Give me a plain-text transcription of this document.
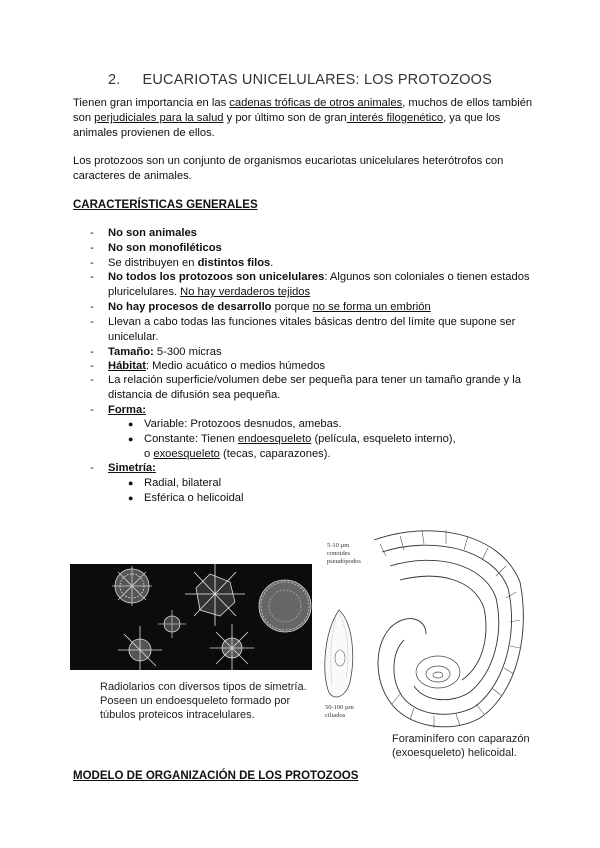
2. EUCARIOTAS UNICELULARES: LOS PROTOZOOS
Tienen gran importancia en las cadenas tróficas de otros animales, muchos de ellos también son perjudiciales para la salud y por último son de gran interés filogenético, ya que los animales provienen de ellos.
Los protozoos son un conjunto de organismos eucariotas unicelulares heterótrofos con caracteres de animales.
CARACTERÍSTICAS GENERALES
- No son animales
- No son monofiléticos
- Se distribuyen en distintos filos.
- No todos los protozoos son unicelulares: Algunos son coloniales o tienen estados pluricelulares. No hay verdaderos tejidos
- No hay procesos de desarrollo porque no se forma un embrión
- Llevan a cabo todas las funciones vitales básicas dentro del límite que supone ser unicelular.
- Tamaño: 5-300 micras
- Hábitat: Medio acuático o medios húmedos
- La relación superficie/volumen debe ser pequeña para tener un tamaño grande y la distancia de difusión sea pequeña.
- Forma:
● Variable: Protozoos desnudos, amebas.
● Constante: Tienen endoesqueleto (película, esqueleto interno), o exoesqueleto (tecas, caparazones).
- Simetría:
● Radial, bilateral
● Esférica o helicoidal
Radiolarios con diversos tipos de simetría. Poseen un endoesqueleto formado por túbulos proteicos intracelulares.
5-10 µm conoides pseudópodos
50-100 µm ciliados
Foraminífero con caparazón (exoesqueleto) helicoidal.
MODELO DE ORGANIZACIÓN DE LOS PROTOZOOS
